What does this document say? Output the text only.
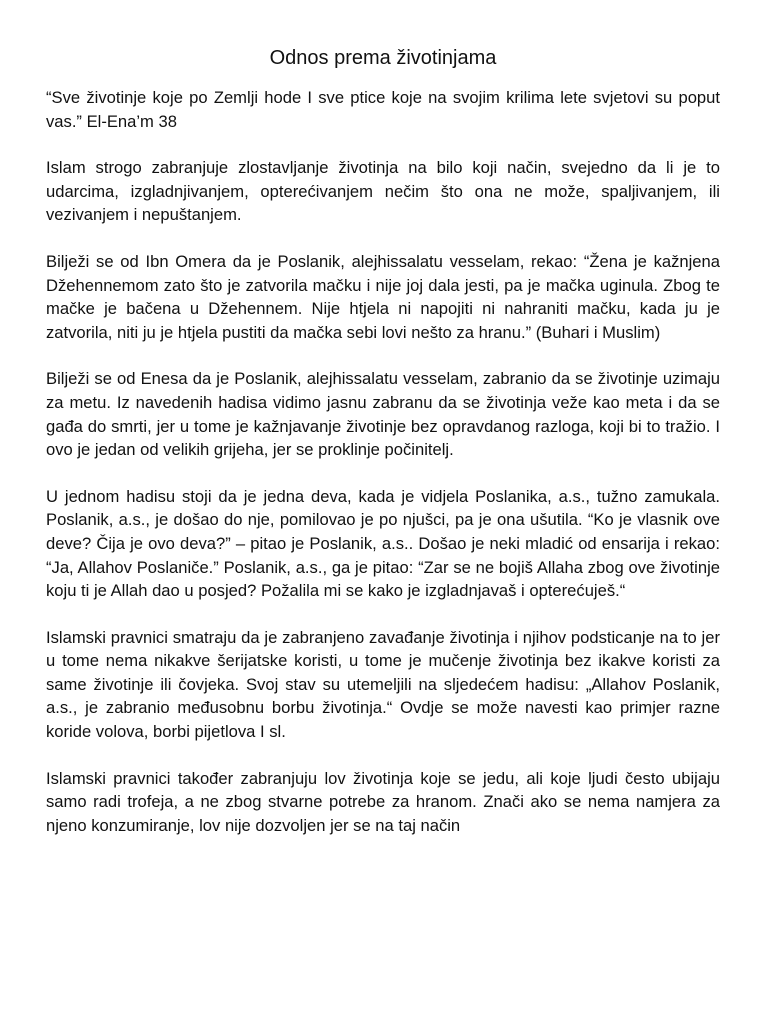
Odnos prema životinjama

“Sve životinje koje po Zemlji hode I sve ptice koje na svojim krilima lete svjetovi su poput vas.” El-Ena’m 38

Islam strogo zabranjuje zlostavljanje životinja na bilo koji način, svejedno da li je to udarcima, izgladnjivanjem, opterećivanjem nečim što ona ne može, spaljivanjem, ili vezivanjem i nepuštanjem.

Bilježi se od Ibn Omera da je Poslanik, alejhissalatu vesselam, rekao: “Žena je kažnjena Džehennemom zato što je zatvorila mačku i nije joj dala jesti, pa je mačka uginula. Zbog te mačke je bačena u Džehennem. Nije htjela ni napojiti ni nahraniti mačku, kada ju je zatvorila, niti ju je htjela pustiti da mačka sebi lovi nešto za hranu.” (Buhari i Muslim)

Bilježi se od Enesa da je Poslanik, alejhissalatu vesselam, zabranio da se životinje uzimaju za metu. Iz navedenih hadisa vidimo jasnu zabranu da se životinja veže kao meta i da se gađa do smrti, jer u tome je kažnjavanje životinje bez opravdanog razloga, koji bi to tražio. I ovo je jedan od velikih grijeha, jer se proklinje počinitelj.

U jednom hadisu stoji da je jedna deva, kada je vidjela Poslanika, a.s., tužno zamukala. Poslanik, a.s., je došao do nje, pomilovao je po njušci, pa je ona ušutila. “Ko je vlasnik ove deve? Čija je ovo deva?” – pitao je Poslanik, a.s.. Došao je neki mladić od ensarija i rekao: “Ja, Allahov Poslaniče.” Poslanik, a.s., ga je pitao: “Zar se ne bojiš Allaha zbog ove životinje koju ti je Allah dao u posjed? Požalila mi se kako je izgladnjavaš i opterećuješ.“

Islamski pravnici smatraju da je zabranjeno zavađanje životinja i njihov podsticanje na to jer u tome nema nikakve šerijatske koristi, u tome je mučenje životinja bez ikakve koristi za same životinje ili čovjeka. Svoj stav su utemeljili na sljedećem hadisu: „Allahov Poslanik, a.s., je zabranio međusobnu borbu životinja.“ Ovdje se može navesti kao primjer razne koride volova, borbi pijetlova I sl.

Islamski pravnici također zabranjuju lov životinja koje se jedu, ali koje ljudi često ubijaju samo radi trofeja, a ne zbog stvarne potrebe za hranom. Znači ako se nema namjera za njeno konzumiranje, lov nije dozvoljen jer se na taj način
